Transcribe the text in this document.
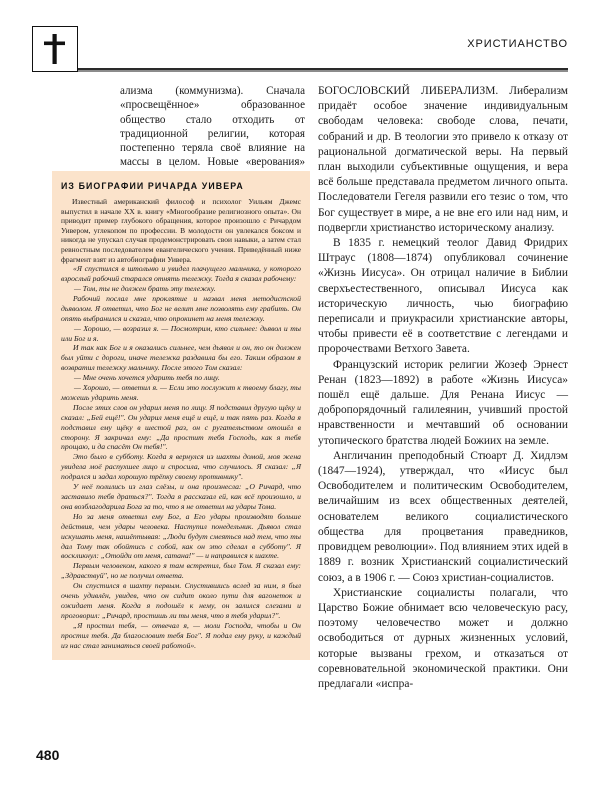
ХРИСТИАНСТВО

ализма (коммунизма). Сначала «просвещённое» образованное общество стало отходить от традиционной религии, которая постепенно теряла своё влияние на массы в целом. Новые «верования»

ИЗ БИОГРАФИИ РИЧАРДА УИВЕРА

Известный американский философ и психолог Уильям Джемс выпустил в начале XX в. книгу «Многообразие религиозного опыта». Он приводит пример глубокого обращения, которое произошло с Ричардом Уивером, углекопом по профессии. В молодости он увлекался боксом и никогда не упускал случая продемонстрировать свои навыки, а затем стал ревностным последователем евангелического учения. Приведённый ниже фрагмент взят из автобиографии Уивера.

«Я спустился в штольню и увидел плачущего мальчика, у которого взрослый рабочий старался отнять тележку. Тогда я сказал рабочему:

— Том, ты не должен брать эту тележку.

Рабочий послал мне проклятие и назвал меня методистской дьяволом. Я ответил, что Бог не велит мне позволять ему грабить. Он опять выбранился и сказал, что опрокинет на меня тележку.

— Хорошо, — возразил я. — Посмотрим, кто сильнее: дьявол и ты или Бог и я.

И так как Бог и я оказались сильнее, чем дьявол и он, то он должен был уйти с дороги, иначе тележка раздавила бы его. Таким образом я возвратил тележку мальчику. После этого Том сказал:

— Мне очень хочется ударить тебя по лицу.

— Хорошо, — ответил я. — Если это послужит к твоему благу, ты можешь ударить меня.

После этих слов он ударил меня по лицу. Я подставил другую щёку и сказал: „Бей ещё!". Он ударил меня ещё и ещё, и так пять раз. Когда я подставил ему щёку в шестой раз, он с ругательством отошёл в сторону. Я закричал ему: „Да простит тебя Господь, как я тебя прощаю, и да спасёт Он тебя!".

Это было в субботу. Когда я вернулся из шахты домой, моя жена увидела моё распухшее лицо и спросила, что случилось. Я сказал: „Я подрался и задал хорошую трёпку своему противнику".

У неё полились из глаз слёзы, и она произнесла: „О Ричард, что заставило тебя драться?". Тогда я рассказал ей, как всё произошло, и она возблагодарила Бога за то, что я не ответил на удары Тома.

Но за меня ответил ему Бог, а Его удары производят больше действия, чем удары человека. Наступил понедельник. Дьявол стал искушать меня, нашёптывая: „Люди будут смеяться над тем, что ты дал Тому так обойтись с собой, как он это сделал в субботу". Я воскликнул: „Отойди от меня, сатана!" — и направился к шахте.

Первым человеком, какого я там встретил, был Том. Я сказал ему: „Здравствуй", но не получил ответа.

Он спустился в шахту первым. Спустившись вслед за ним, я был очень удивлён, увидев, что он сидит около пути для вагонеток и ожидает меня. Когда я подошёл к нему, он залился слезами и проговорил: „Ричард, простишь ли ты меня, что я тебя ударил?".

„Я простил тебя, — отвечал я, — моли Господа, чтобы и Он простил тебя. Да благословит тебя Бог". Я подал ему руку, и каждый из нас стал заниматься своей работой».

БОГОСЛОВСКИЙ ЛИБЕРАЛИЗМ. Либерализм придаёт особое значение индивидуальным свободам человека: свободе слова, печати, собраний и др. В теологии это привело к отказу от рациональной догматической веры. На первый план выходили субъективные ощущения, и вера всё больше представала предметом личного опыта. Последователи Гегеля развили его тезис о том, что Бог существует в мире, а не вне его или над ним, и подвергли христианство историческому анализу.

В 1835 г. немецкий теолог Давид Фридрих Штраус (1808—1874) опубликовал сочинение «Жизнь Иисуса». Он отрицал наличие в Библии сверхъестественного, описывал Иисуса как историческую личность, чью биографию переписали и приукрасили христианские авторы, чтобы привести её в соответствие с легендами и пророчествами Ветхого Завета.

Французский историк религии Жозеф Эрнест Ренан (1823—1892) в работе «Жизнь Иисуса» пошёл ещё дальше. Для Ренана Иисус — добропорядочный галилеянин, учивший простой нравственности и мечтавший об основании утопического братства людей Божиих на земле.

Англичанин преподобный Стюарт Д. Хидлэм (1847—1924), утверждал, что «Иисус был Освободителем и политическим Освободителем, величайшим из всех общественных деятелей, основателем великого социалистического общества для процветания праведников, провидцем революции». Под влиянием этих идей в 1889 г. возник Христианский социалистический союз, а в 1906 г. — Союз христиан-социалистов.

Христианские социалисты полагали, что Царство Божие обнимает всю человеческую расу, поэтому человечество может и должно освободиться от дурных жизненных условий, которые вызваны грехом, и отказаться от соревновательной экономической практики. Они предлагали «испра-

480
